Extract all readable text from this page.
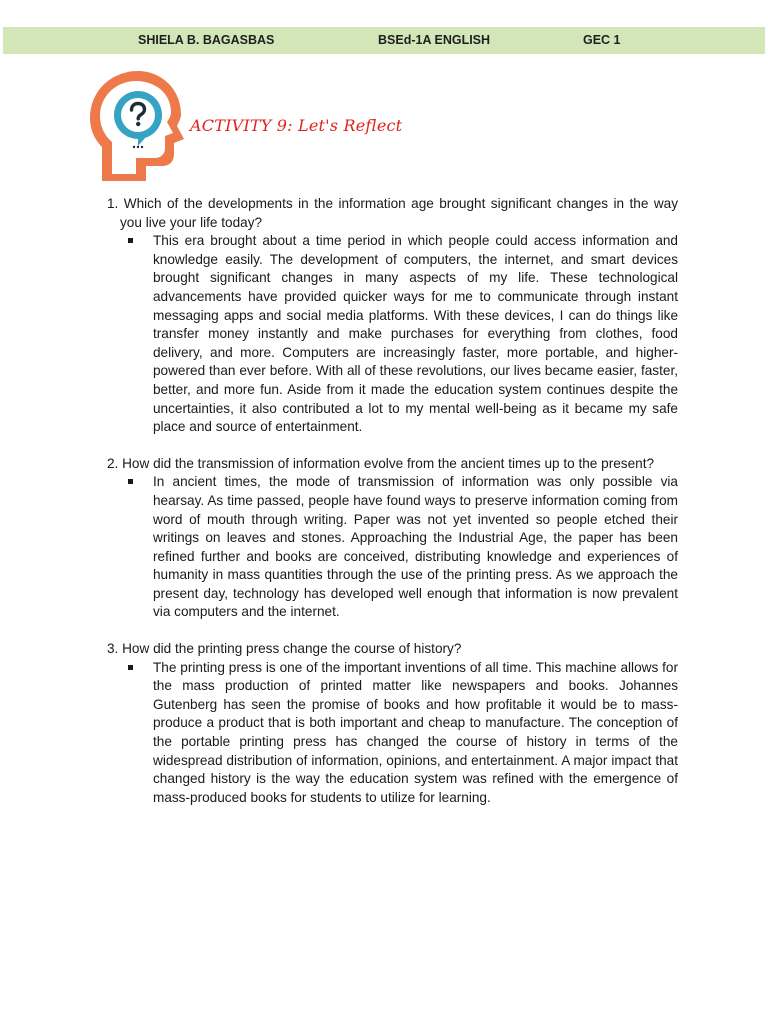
SHIELA B. BAGASBAS	BSEd-1A ENGLISH	GEC 1
ACTIVITY 9: Let's Reflect

1. Which of the developments in the information age brought significant changes in the way you live your life today?

This era brought about a time period in which people could access information and knowledge easily. The development of computers, the internet, and smart devices brought significant changes in many aspects of my life. These technological advancements have provided quicker ways for me to communicate through instant messaging apps and social media platforms. With these devices, I can do things like transfer money instantly and make purchases for everything from clothes, food delivery, and more. Computers are increasingly faster, more portable, and higher-powered than ever before. With all of these revolutions, our lives became easier, faster, better, and more fun. Aside from it made the education system continues despite the uncertainties, it also contributed a lot to my mental well-being as it became my safe place and source of entertainment.

2. How did the transmission of information evolve from the ancient times up to the present?

In ancient times, the mode of transmission of information was only possible via hearsay. As time passed, people have found ways to preserve information coming from word of mouth through writing. Paper was not yet invented so people etched their writings on leaves and stones. Approaching the Industrial Age, the paper has been refined further and books are conceived, distributing knowledge and experiences of humanity in mass quantities through the use of the printing press. As we approach the present day, technology has developed well enough that information is now prevalent via computers and the internet.

3. How did the printing press change the course of history?

The printing press is one of the important inventions of all time. This machine allows for the mass production of printed matter like newspapers and books. Johannes Gutenberg has seen the promise of books and how profitable it would be to mass-produce a product that is both important and cheap to manufacture. The conception of the portable printing press has changed the course of history in terms of the widespread distribution of information, opinions, and entertainment. A major impact that changed history is the way the education system was refined with the emergence of mass-produced books for students to utilize for learning.
